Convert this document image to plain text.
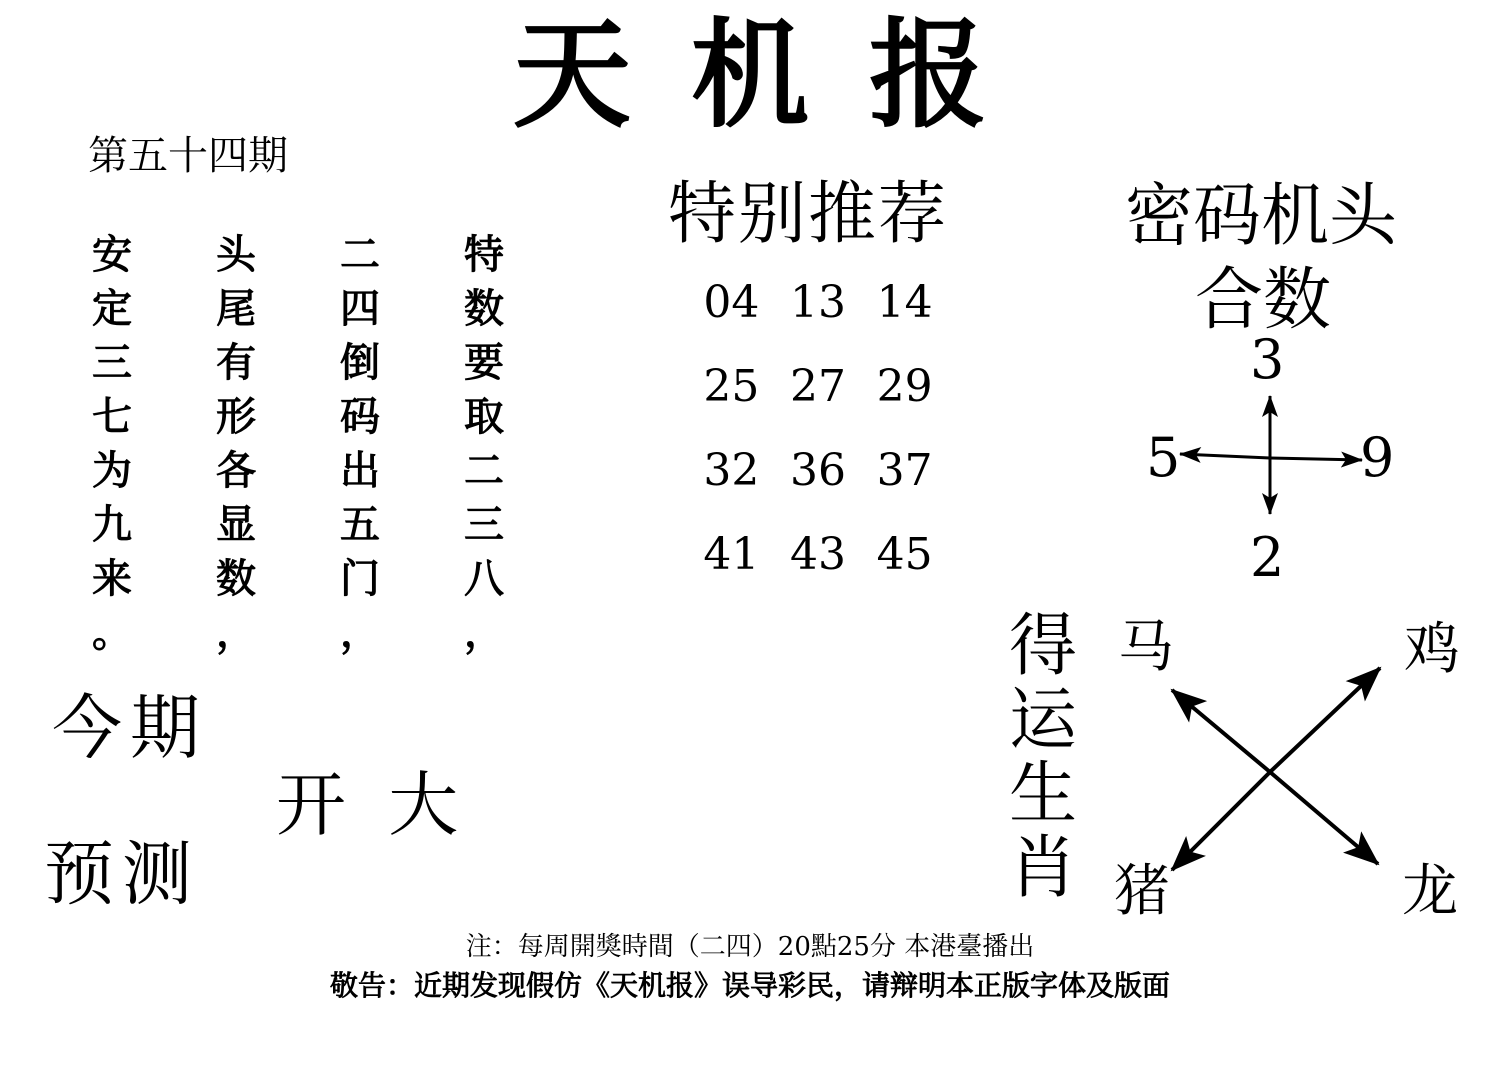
天机报
第五十四期
安
定
三
七
为
九
来
。
头
尾
有
形
各
显
数
，
二
四
倒
码
出
五
门
，
特
数
要
取
二
三
八
，
今期
开 大
预测
特别推荐
04 13 14
25 27 29
32 36 37
41 43 45
密码机头
合数
3
5	9
2
得
运
生
肖
马	鸡
猪	龙
注：每周開獎時間（二四）20點25分 本港臺播出
敬告：近期发现假仿《天机报》误导彩民，请辩明本正版字体及版面
